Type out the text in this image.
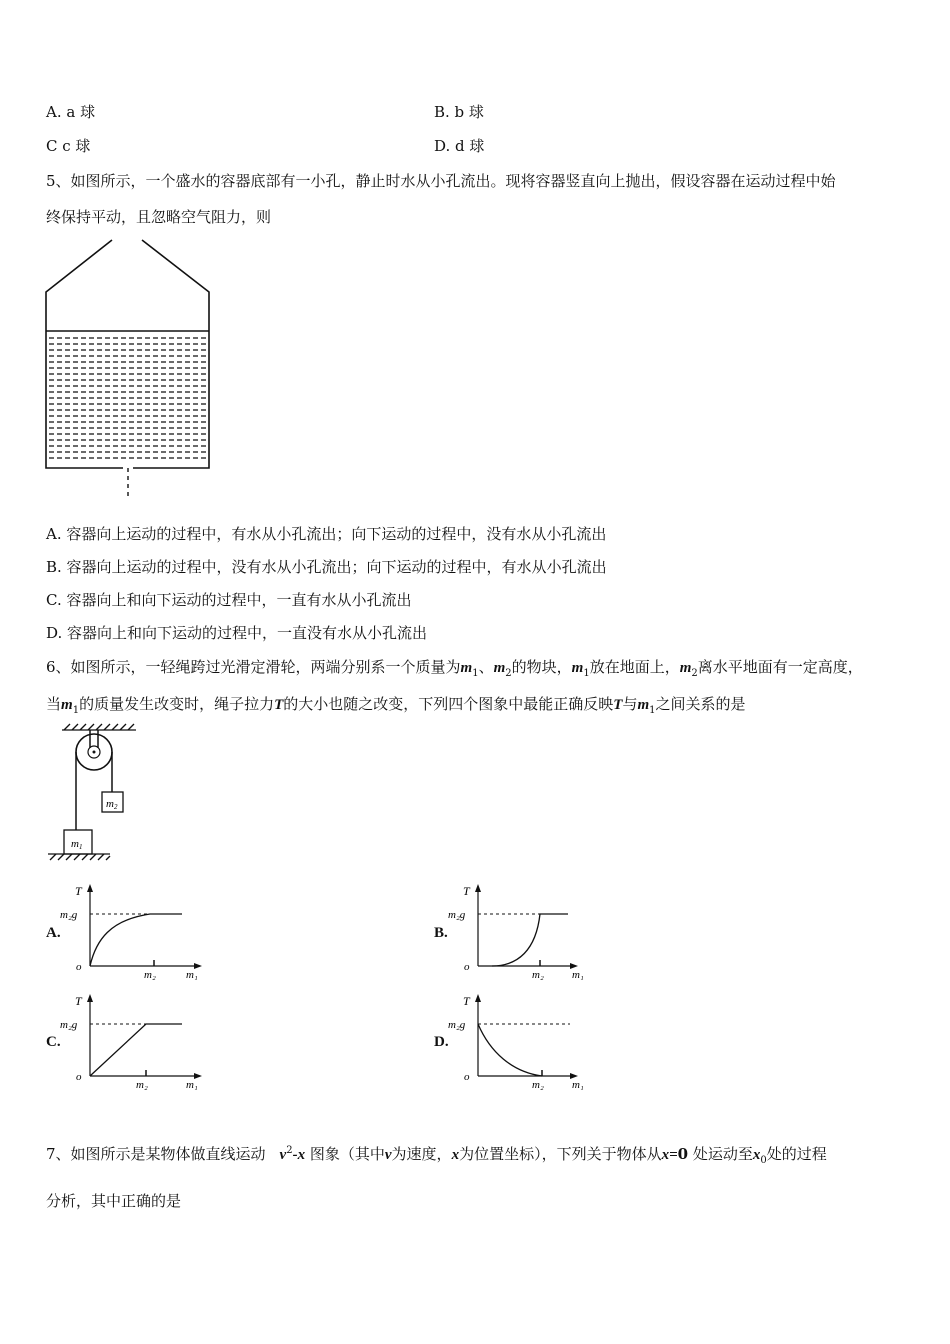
A. a 球	B. b 球
C c 球	D. d 球
5、如图所示，一个盛水的容器底部有一小孔，静止时水从小孔流出。现将容器竖直向上抛出，假设容器在运动过程中始
终保持平动，且忽略空气阻力，则
A. 容器向上运动的过程中，有水从小孔流出；向下运动的过程中，没有水从小孔流出
B. 容器向上运动的过程中，没有水从小孔流出；向下运动的过程中，有水从小孔流出
C. 容器向上和向下运动的过程中，一直有水从小孔流出
D. 容器向上和向下运动的过程中，一直没有水从小孔流出
6、如图所示，一轻绳跨过光滑定滑轮，两端分别系一个质量为$m_1$、$m_2$的物块，$m_1$放在地面上，$m_2$离水平地面有一定高度，
当$m_1$的质量发生改变时，绳子拉力T的大小也随之改变，下列四个图象中最能正确反映T与$m_1$之间关系的是
m2
m1
A.	B.
C.	D.
T
m₂g
o
m₂	m₁
T
m₂g
o
m₂	m₁
T
m₂g
o
m₂	m₁
T
m₂g
o
m₂	m₁
7、如图所示是某物体做直线运动 $v^2-x$ 图象（其中v为速度，x为位置坐标），下列关于物体从x=0 处运动至$x_0$处的过程
分析，其中正确的是
